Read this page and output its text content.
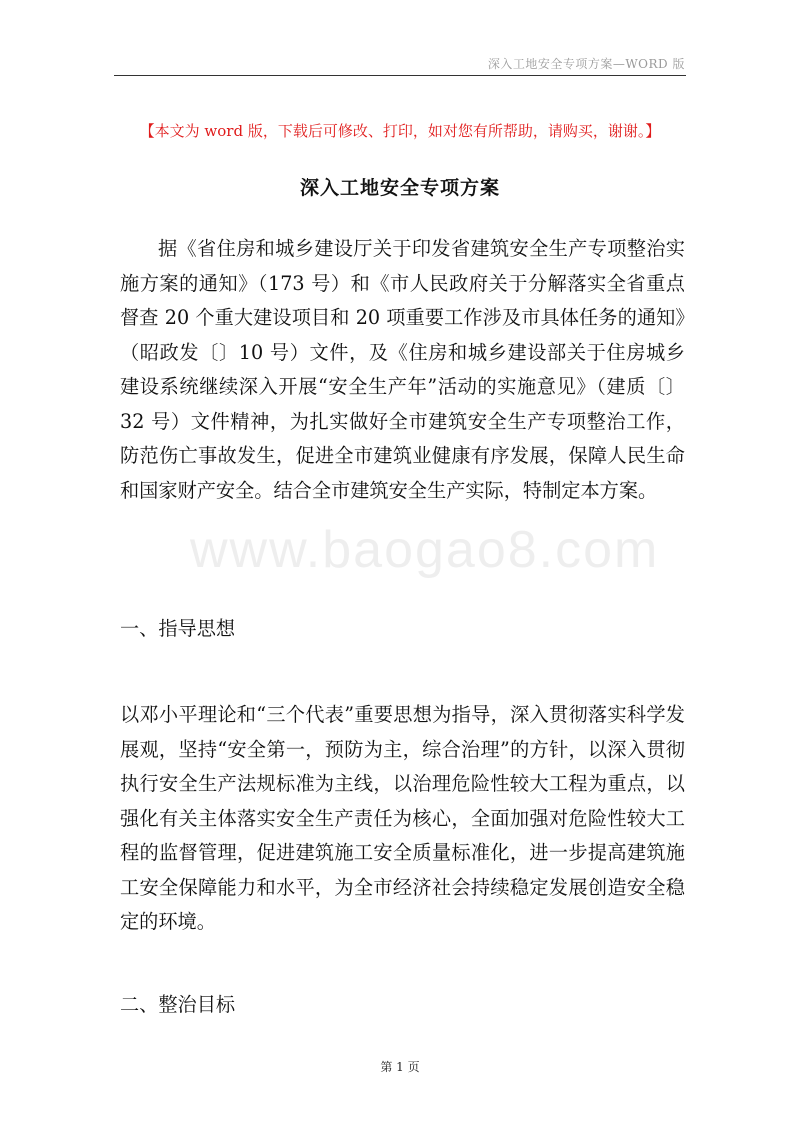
深入工地安全专项方案—WORD 版
【本文为 word 版，下载后可修改、打印，如对您有所帮助，请购买，谢谢。】
深入工地安全专项方案
据《省住房和城乡建设厅关于印发省建筑安全生产专项整治实施方案的通知》（173 号）和《市人民政府关于分解落实全省重点督查 20 个重大建设项目和 20 项重要工作涉及市具体任务的通知》（昭政发〔〕10 号）文件，及《住房和城乡建设部关于住房城乡建设系统继续深入开展“安全生产年”活动的实施意见》（建质〔〕32 号）文件精神，为扎实做好全市建筑安全生产专项整治工作，防范伤亡事故发生，促进全市建筑业健康有序发展，保障人民生命和国家财产安全。结合全市建筑安全生产实际，特制定本方案。
www.baogao8.com
一、指导思想
以邓小平理论和“三个代表”重要思想为指导，深入贯彻落实科学发展观，坚持“安全第一，预防为主，综合治理”的方针，以深入贯彻执行安全生产法规标准为主线，以治理危险性较大工程为重点，以强化有关主体落实安全生产责任为核心，全面加强对危险性较大工程的监督管理，促进建筑施工安全质量标准化，进一步提高建筑施工安全保障能力和水平，为全市经济社会持续稳定发展创造安全稳定的环境。
二、整治目标
第 1 页
